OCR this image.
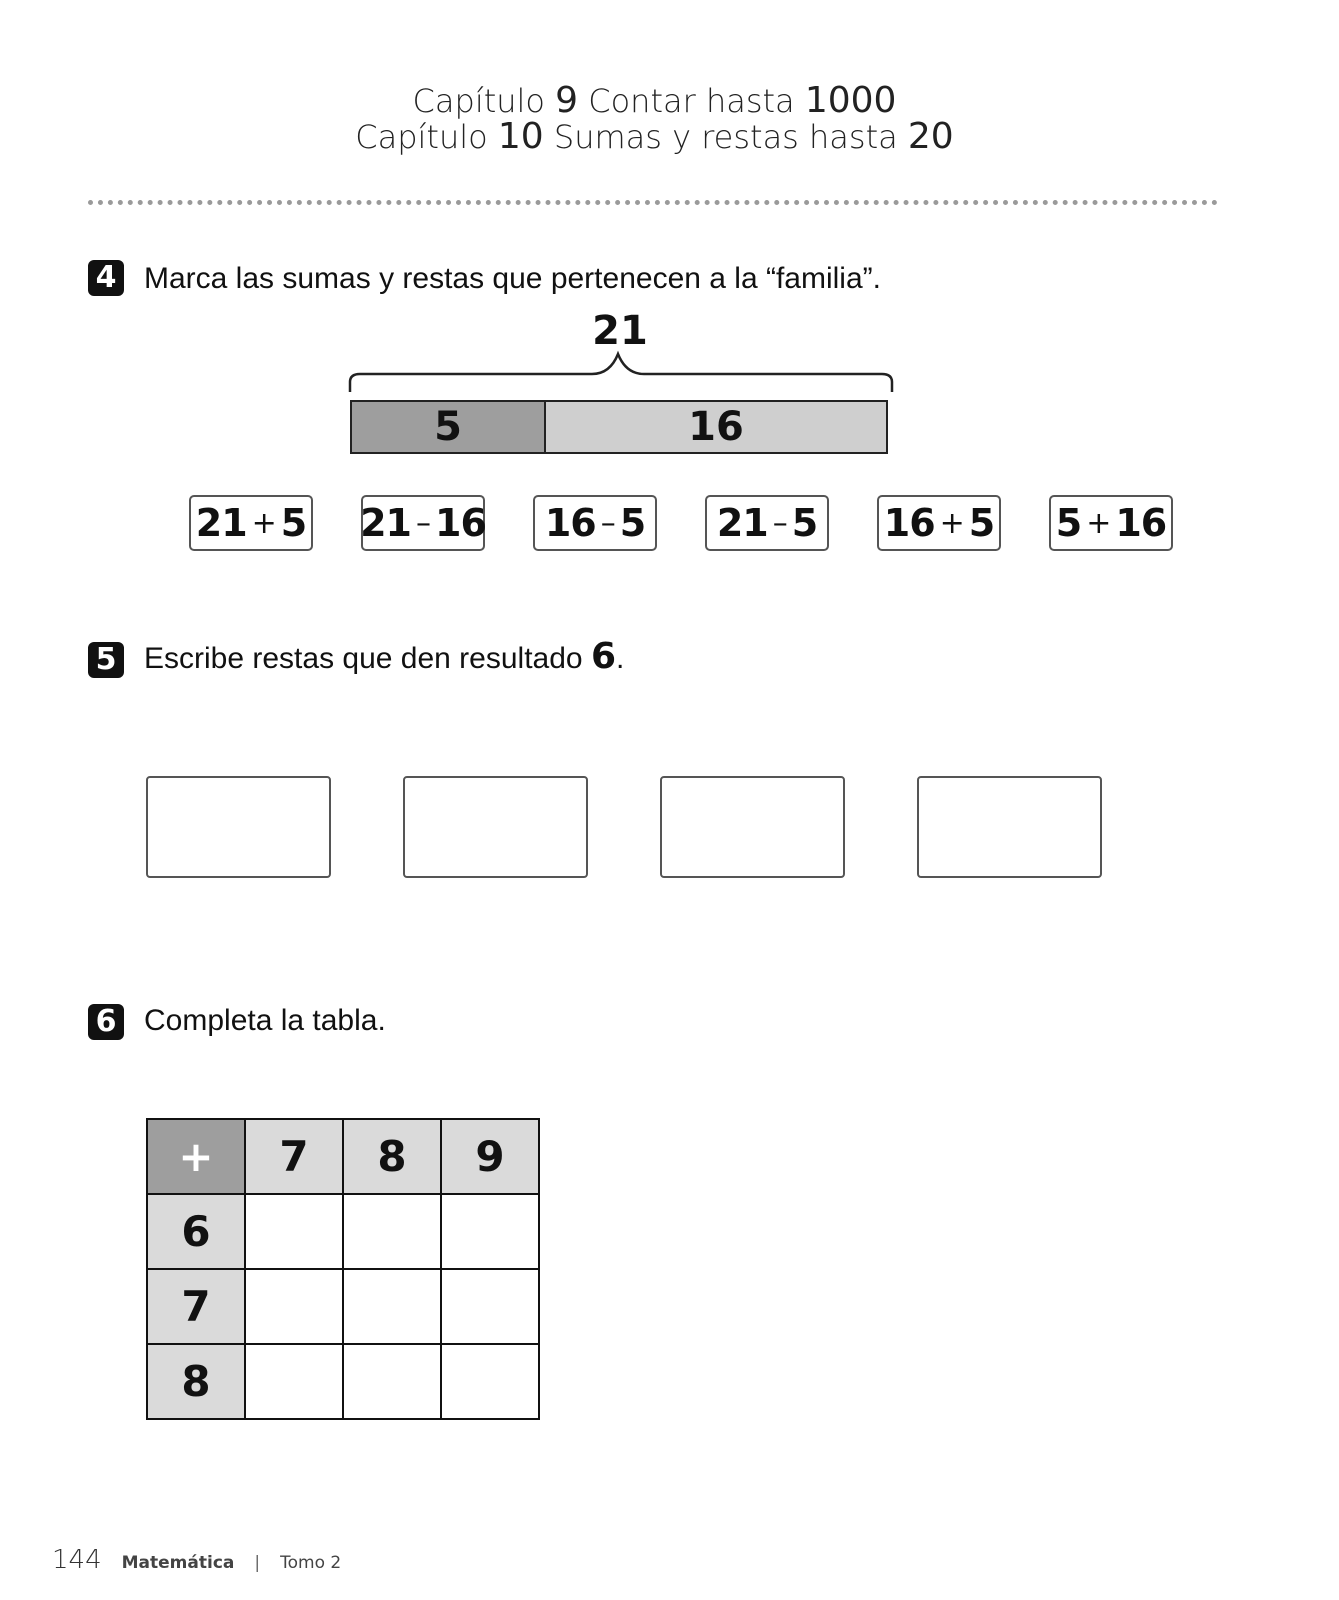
Capítulo 9 Contar hasta 1000
Capítulo 10 Sumas y restas hasta 20
4 Marca las sumas y restas que pertenecen a la “familia”.
21
5	16
21 + 5 21 – 16 16 – 5 21 – 5 16 + 5 5 + 16
5 Escribe restas que den resultado 6.
6 Completa la tabla.
+	7	8	9
6			
7			
8			
144 Matemática | Tomo 2
